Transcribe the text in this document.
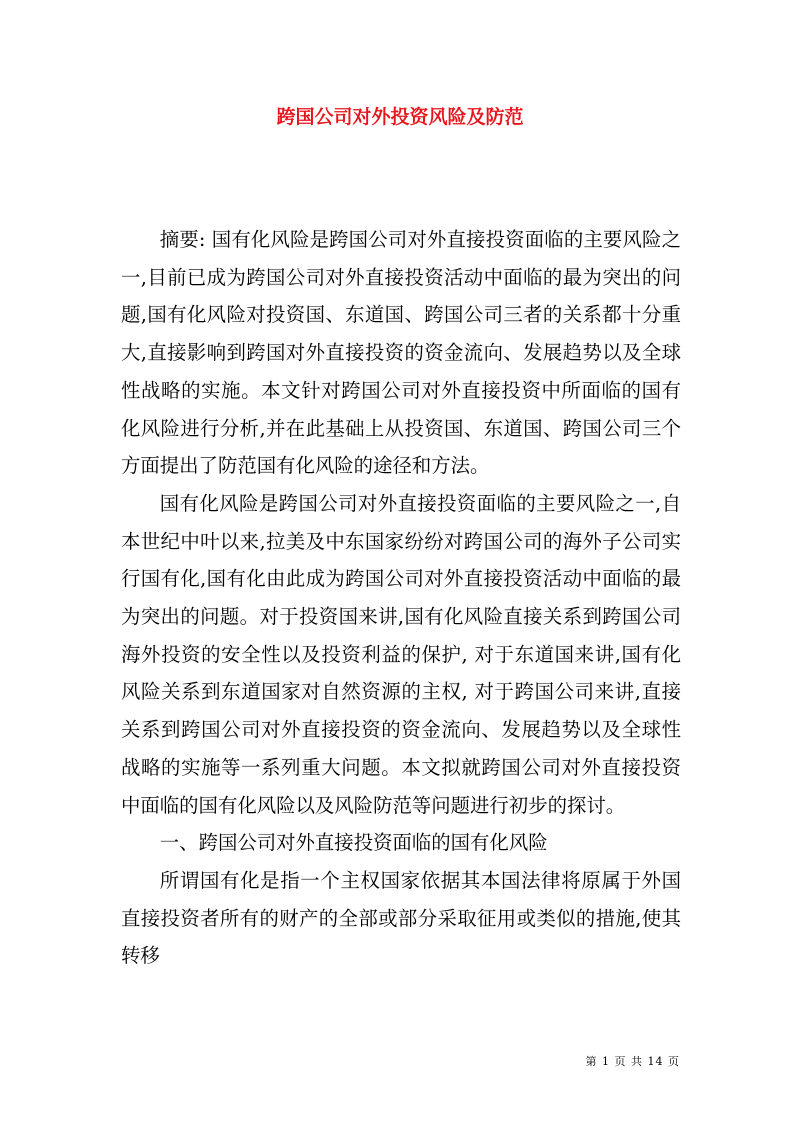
跨国公司对外投资风险及防范

摘要: 国有化风险是跨国公司对外直接投资面临的主要风险之一,目前已成为跨国公司对外直接投资活动中面临的最为突出的问题,国有化风险对投资国、东道国、跨国公司三者的关系都十分重大,直接影响到跨国对外直接投资的资金流向、发展趋势以及全球性战略的实施。本文针对跨国公司对外直接投资中所面临的国有化风险进行分析,并在此基础上从投资国、东道国、跨国公司三个方面提出了防范国有化风险的途径和方法。

国有化风险是跨国公司对外直接投资面临的主要风险之一,自本世纪中叶以来,拉美及中东国家纷纷对跨国公司的海外子公司实行国有化,国有化由此成为跨国公司对外直接投资活动中面临的最为突出的问题。对于投资国来讲,国有化风险直接关系到跨国公司海外投资的安全性以及投资利益的保护, 对于东道国来讲,国有化风险关系到东道国家对自然资源的主权, 对于跨国公司来讲,直接关系到跨国公司对外直接投资的资金流向、发展趋势以及全球性战略的实施等一系列重大问题。本文拟就跨国公司对外直接投资中面临的国有化风险以及风险防范等问题进行初步的探讨。

一、跨国公司对外直接投资面临的国有化风险

所谓国有化是指一个主权国家依据其本国法律将原属于外国直接投资者所有的财产的全部或部分采取征用或类似的措施,使其转移

第 1 页 共 14 页
